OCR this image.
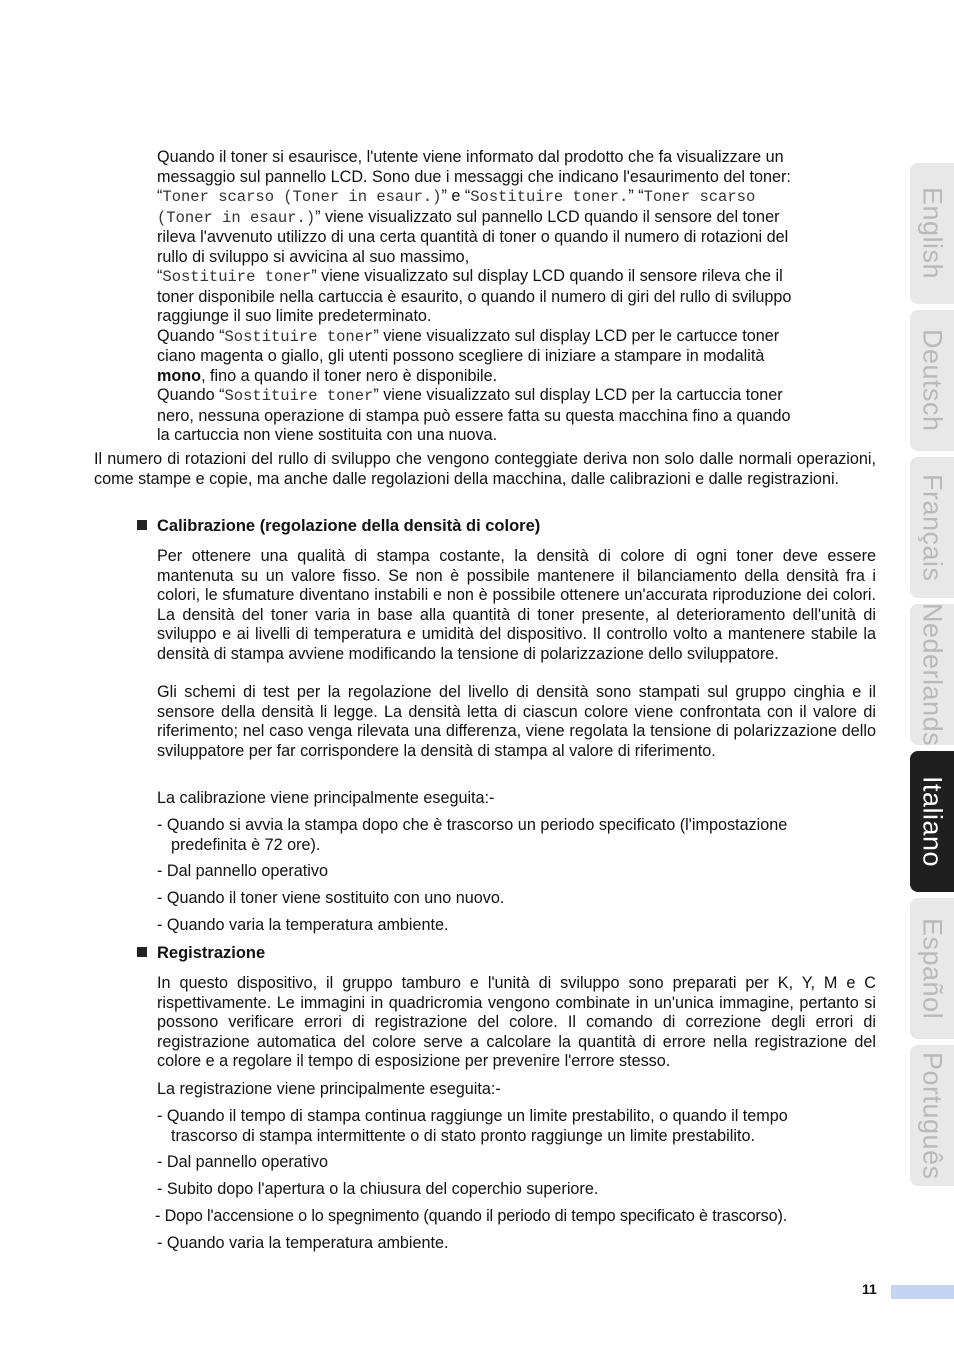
Quando il toner si esaurisce, l'utente viene informato dal prodotto che fa visualizzare un
messaggio sul pannello LCD. Sono due i messaggi che indicano l'esaurimento del toner:
“Toner scarso (Toner in esaur.)” e “Sostituire toner.” “Toner scarso
(Toner in esaur.)” viene visualizzato sul pannello LCD quando il sensore del toner
rileva l'avvenuto utilizzo di una certa quantità di toner o quando il numero di rotazioni del
rullo di sviluppo si avvicina al suo massimo,
“Sostituire toner” viene visualizzato sul display LCD quando il sensore rileva che il
toner disponibile nella cartuccia è esaurito, o quando il numero di giri del rullo di sviluppo
raggiunge il suo limite predeterminato.
Quando “Sostituire toner” viene visualizzato sul display LCD per le cartucce toner
ciano magenta o giallo, gli utenti possono scegliere di iniziare a stampare in modalità
mono, fino a quando il toner nero è disponibile.
Quando “Sostituire toner” viene visualizzato sul display LCD per la cartuccia toner
nero, nessuna operazione di stampa può essere fatta su questa macchina fino a quando
la cartuccia non viene sostituita con una nuova.

Il numero di rotazioni del rullo di sviluppo che vengono conteggiate deriva non solo dalle normali operazioni, come stampe e copie, ma anche dalle regolazioni della macchina, dalle calibrazioni e dalle registrazioni.

Calibrazione (regolazione della densità di colore)

Per ottenere una qualità di stampa costante, la densità di colore di ogni toner deve essere mantenuta su un valore fisso. Se non è possibile mantenere il bilanciamento della densità fra i colori, le sfumature diventano instabili e non è possibile ottenere un'accurata riproduzione dei colori. La densità del toner varia in base alla quantità di toner presente, al deterioramento dell'unità di sviluppo e ai livelli di temperatura e umidità del dispositivo. Il controllo volto a mantenere stabile la densità di stampa avviene modificando la tensione di polarizzazione dello sviluppatore.

Gli schemi di test per la regolazione del livello di densità sono stampati sul gruppo cinghia e il sensore della densità li legge. La densità letta di ciascun colore viene confrontata con il valore di riferimento; nel caso venga rilevata una differenza, viene regolata la tensione di polarizzazione dello sviluppatore per far corrispondere la densità di stampa al valore di riferimento.

La calibrazione viene principalmente eseguita:-
- Quando si avvia la stampa dopo che è trascorso un periodo specificato (l'impostazione
predefinita è 72 ore).
- Dal pannello operativo
- Quando il toner viene sostituito con uno nuovo.
- Quando varia la temperatura ambiente.
Registrazione

In questo dispositivo, il gruppo tamburo e l'unità di sviluppo sono preparati per K, Y, M e C rispettivamente. Le immagini in quadricromia vengono combinate in un'unica immagine, pertanto si possono verificare errori di registrazione del colore. Il comando di correzione degli errori di registrazione automatica del colore serve a calcolare la quantità di errore nella registrazione del colore e a regolare il tempo di esposizione per prevenire l'errore stesso.

La registrazione viene principalmente eseguita:-
- Quando il tempo di stampa continua raggiunge un limite prestabilito, o quando il tempo
trascorso di stampa intermittente o di stato pronto raggiunge un limite prestabilito.
- Dal pannello operativo
- Subito dopo l'apertura o la chiusura del coperchio superiore.
- Dopo l'accensione o lo spegnimento (quando il periodo di tempo specificato è trascorso).
- Quando varia la temperatura ambiente.
English
Deutsch
Français
Nederlands
Italiano
Español
Português
11
